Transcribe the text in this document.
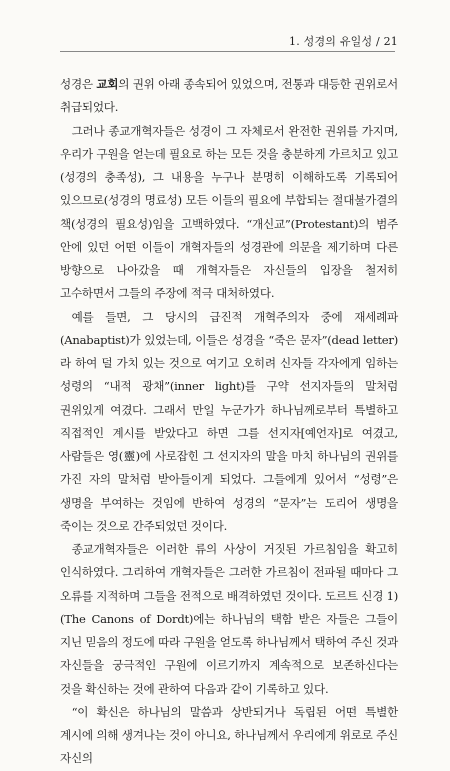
1. 성경의 유일성 / 21

성경은 교회의 권위 아래 종속되어 있었으며, 전통과 대등한 권위로서 취급되었다.

그러나 종교개혁자들은 성경이 그 자체로서 완전한 권위를 가지며, 우리가 구원을 얻는데 필요로 하는 모든 것을 충분하게 가르치고 있고(성경의 충족성), 그 내용을 누구나 분명히 이해하도록 기록되어 있으므로(성경의 명료성) 모든 이들의 필요에 부합되는 절대불가결의 책(성경의 필요성)임을 고백하였다. “개신교”(Protestant)의 범주 안에 있던 어떤 이들이 개혁자들의 성경관에 의문을 제기하며 다른 방향으로 나아갔을 때 개혁자들은 자신들의 입장을 철저히 고수하면서 그들의 주장에 적극 대처하였다.

예를 들면, 그 당시의 급진적 개혁주의자 중에 재세례파(Anabaptist)가 있었는데, 이들은 성경을 “죽은 문자”(dead letter)라 하여 덜 가치 있는 것으로 여기고 오히려 신자들 각자에게 임하는 성령의 “내적 광채”(inner light)를 구약 선지자들의 말처럼 권위있게 여겼다. 그래서 만일 누군가가 하나님께로부터 특별하고 직접적인 계시를 받았다고 하면 그를 선지자[예언자]로 여겼고, 사람들은 영(靈)에 사로잡힌 그 선지자의 말을 마치 하나님의 권위를 가진 자의 말처럼 받아들이게 되었다. 그들에게 있어서 “성령”은 생명을 부여하는 것임에 반하여 성경의 “문자”는 도리어 생명을 죽이는 것으로 간주되었던 것이다.

종교개혁자들은 이러한 류의 사상이 거짓된 가르침임을 확고히 인식하였다. 그리하여 개혁자들은 그러한 가르침이 전파될 때마다 그 오류를 지적하며 그들을 전적으로 배격하였던 것이다. 도르트 신경 1)(The Canons of Dordt)에는 하나님의 택함 받은 자들은 그들이 지닌 믿음의 정도에 따라 구원을 얻도록 하나님께서 택하여 주신 것과 자신들을 궁극적인 구원에 이르기까지 계속적으로 보존하신다는 것을 확신하는 것에 관하여 다음과 같이 기록하고 있다.

“이 확신은 하나님의 말씀과 상반되거나 독립된 어떤 특별한 계시에 의해 생겨나는 것이 아니요, 하나님께서 우리에게 위로로 주신 자신의
